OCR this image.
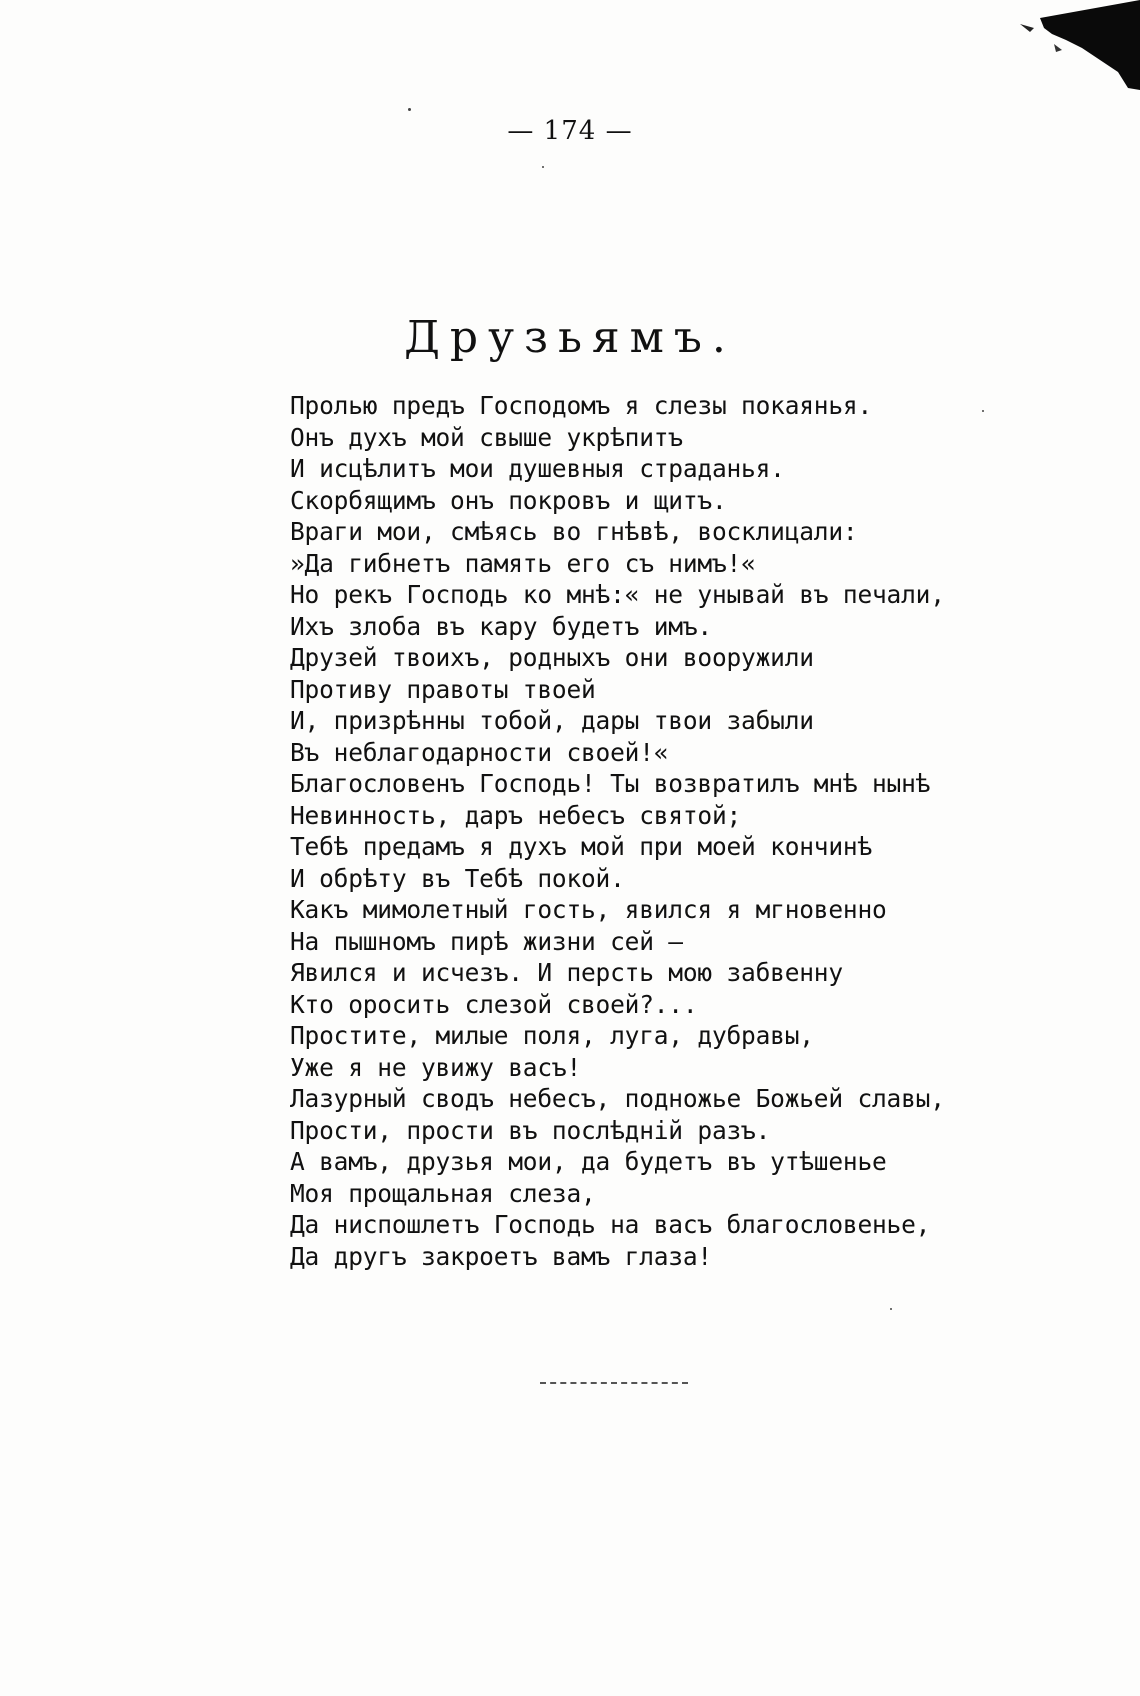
— 174 —
Друзьямъ.
Пролью предъ Господомъ я слезы покаянья.
Онъ духъ мой свыше укрѣпитъ
И исцѣлитъ мои душевныя страданья.
Скорбящимъ онъ покровъ и щитъ.
Враги мои, смѣясь во гнѣвѣ, восклицали:
»Да гибнетъ память его съ нимъ!«
Но рекъ Господь ко мнѣ:« не унывай въ печали,
Ихъ злоба въ кару будетъ имъ.
Друзей твоихъ, родныхъ они вооружили
Противу правоты твоей
И, призрѣнны тобой, дары твои забыли
Въ неблагодарности своей!«
Благословенъ Господь! Ты возвратилъ мнѣ нынѣ
Невинность, даръ небесъ святой;
Тебѣ предамъ я духъ мой при моей кончинѣ
И обрѣту въ Тебѣ покой.
Какъ мимолетный гость, явился я мгновенно
На пышномъ пирѣ жизни сей —
Явился и исчезъ. И персть мою забвенну
Кто оросить слезой своей?...
Простите, милые поля, луга, дубравы,
Уже я не увижу васъ!
Лазурный сводъ небесъ, подножье Божьей славы,
Прости, прости въ послѣднiй разъ.
А вамъ, друзья мои, да будетъ въ утѣшенье
Моя прощальная слеза,
Да ниспошлетъ Господь на васъ благословенье,
Да другъ закроетъ вамъ глаза!
